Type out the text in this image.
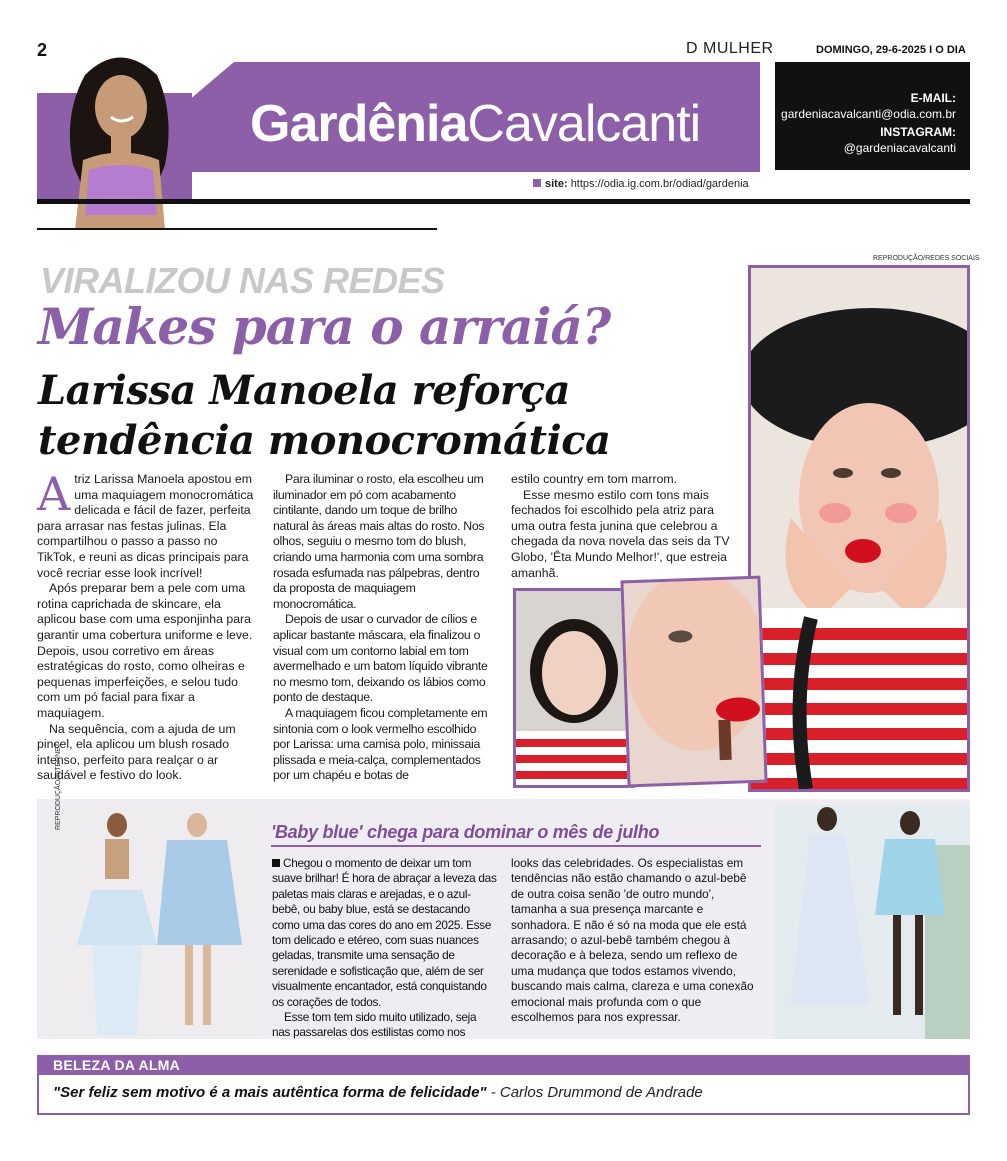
2	D MULHER	DOMINGO, 29-6-2025 I O DIA
GardêniaCavalcanti	E-MAIL:
gardeniacavalcanti@odia.com.br
INSTAGRAM:
@gardeniacavalcanti
site: https://odia.ig.com.br/odiad/gardenia
REPRODUÇÃO/REDES SOCIAIS
VIRALIZOU NAS REDES
Makes para o arraiá?
Larissa Manoela reforça
tendência monocromática

Atriz Larissa Manoela apostou em uma maquiagem monocromática delicada e fácil de fazer, perfeita para arrasar nas festas julinas. Ela compartilhou o passo a passo no TikTok, e reuni as dicas principais para você recriar esse look incrível!

Após preparar bem a pele com uma rotina caprichada de skincare, ela aplicou base com uma esponjinha para garantir uma cobertura uniforme e leve. Depois, usou corretivo em áreas estratégicas do rosto, como olheiras e pequenas imperfeições, e selou tudo com um pó facial para fixar a maquiagem.

Na sequência, com a ajuda de um pincel, ela aplicou um blush rosado intenso, perfeito para realçar o ar saudável e festivo do look.

Para iluminar o rosto, ela escolheu um iluminador em pó com acabamento cintilante, dando um toque de brilho natural às áreas mais altas do rosto. Nos olhos, seguiu o mesmo tom do blush, criando uma harmonia com uma sombra rosada esfumada nas pálpebras, dentro da proposta de maquiagem monocromática.

Depois de usar o curvador de cílios e aplicar bastante máscara, ela finalizou o visual com um contorno labial em tom avermelhado e um batom líquido vibrante no mesmo tom, deixando os lábios como ponto de destaque.

A maquiagem ficou completamente em sintonia com o look vermelho escolhido por Larissa: uma camisa polo, minissaia plissada e meia-calça, complementados por um chapéu e botas de

estilo country em tom marrom.

Esse mesmo estilo com tons mais fechados foi escolhido pela atriz para uma outra festa junina que celebrou a chegada da nova novela das seis da TV Globo, 'Êta Mundo Melhor!', que estreia amanhã.

REPRODUÇÃO/INTERNET
'Baby blue' chega para dominar o mês de julho

Chegou o momento de deixar um tom suave brilhar! É hora de abraçar a leveza das paletas mais claras e arejadas, e o azul-bebê, ou baby blue, está se destacando como uma das cores do ano em 2025. Esse tom delicado e etéreo, com suas nuances geladas, transmite uma sensação de serenidade e sofisticação que, além de ser visualmente encantador, está conquistando os corações de todos.

Esse tom tem sido muito utilizado, seja nas passarelas dos estilistas como nos

looks das celebridades. Os especialistas em tendências não estão chamando o azul-bebê de outra coisa senão 'de outro mundo', tamanha a sua presença marcante e sonhadora. E não é só na moda que ele está arrasando; o azul-bebê também chegou à decoração e à beleza, sendo um reflexo de uma mudança que todos estamos vivendo, buscando mais calma, clareza e uma conexão emocional mais profunda com o que escolhemos para nos expressar.

BELEZA DA ALMA
"Ser feliz sem motivo é a mais autêntica forma de felicidade" - Carlos Drummond de Andrade
